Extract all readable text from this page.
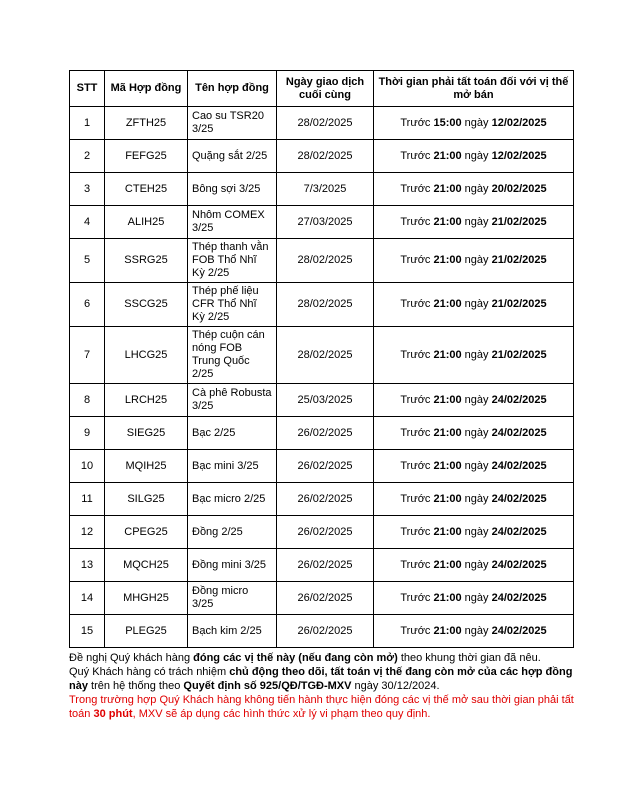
STT	Mã Hợp đồng	Tên hợp đồng	Ngày giao dịch cuối cùng	Thời gian phải tất toán đối với vị thế mở bán
1	ZFTH25	Cao su TSR20 3/25	28/02/2025	Trước 15:00 ngày 12/02/2025
2	FEFG25	Quặng sắt 2/25	28/02/2025	Trước 21:00 ngày 12/02/2025
3	CTEH25	Bông sợi 3/25	7/3/2025	Trước 21:00 ngày 20/02/2025
4	ALIH25	Nhôm COMEX 3/25	27/03/2025	Trước 21:00 ngày 21/02/2025
5	SSRG25	Thép thanh vằn FOB Thổ Nhĩ Kỳ 2/25	28/02/2025	Trước 21:00 ngày 21/02/2025
6	SSCG25	Thép phế liệu CFR Thổ Nhĩ Kỳ 2/25	28/02/2025	Trước 21:00 ngày 21/02/2025
7	LHCG25	Thép cuộn cán nóng FOB Trung Quốc 2/25	28/02/2025	Trước 21:00 ngày 21/02/2025
8	LRCH25	Cà phê Robusta 3/25	25/03/2025	Trước 21:00 ngày 24/02/2025
9	SIEG25	Bạc 2/25	26/02/2025	Trước 21:00 ngày 24/02/2025
10	MQIH25	Bạc mini 3/25	26/02/2025	Trước 21:00 ngày 24/02/2025
11	SILG25	Bạc micro 2/25	26/02/2025	Trước 21:00 ngày 24/02/2025
12	CPEG25	Đồng 2/25	26/02/2025	Trước 21:00 ngày 24/02/2025
13	MQCH25	Đồng mini 3/25	26/02/2025	Trước 21:00 ngày 24/02/2025
14	MHGH25	Đồng micro 3/25	26/02/2025	Trước 21:00 ngày 24/02/2025
15	PLEG25	Bạch kim 2/25	26/02/2025	Trước 21:00 ngày 24/02/2025

Đề nghị Quý khách hàng đóng các vị thế này (nếu đang còn mở) theo khung thời gian đã nêu.

Quý Khách hàng có trách nhiệm chủ động theo dõi, tất toán vị thế đang còn mở của các hợp đồng này trên hệ thống theo Quyết định số 925/QĐ/TGĐ-MXV ngày 30/12/2024.

Trong trường hợp Quý Khách hàng không tiến hành thực hiện đóng các vị thế mở sau thời gian phải tất toán 30 phút, MXV sẽ áp dụng các hình thức xử lý vi phạm theo quy định.
